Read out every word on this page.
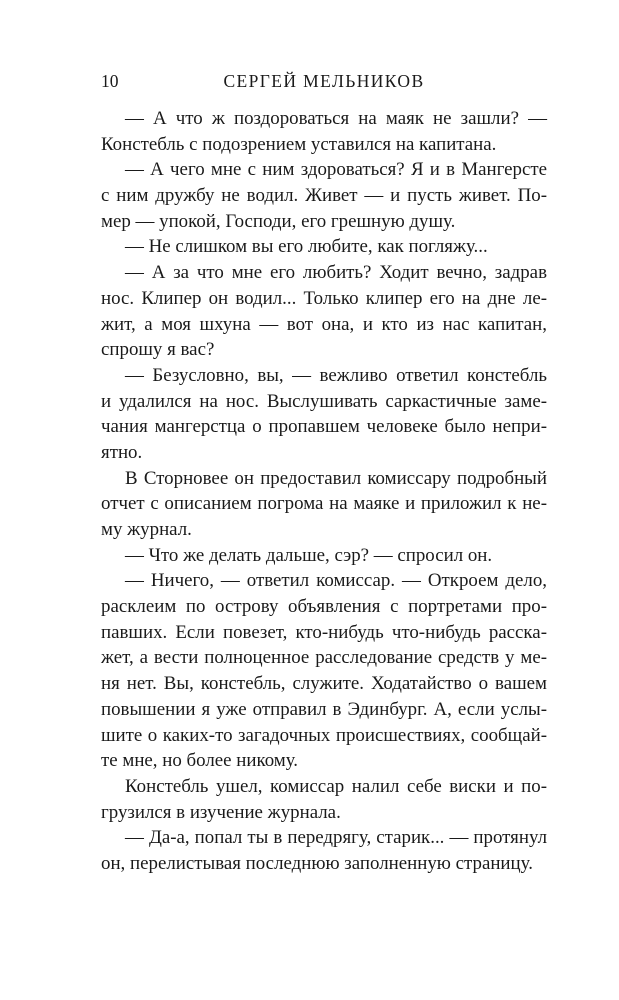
10	СЕРГЕЙ МЕЛЬНИКОВ
— А что ж поздороваться на маяк не зашли? —
Констебль с подозрением уставился на капитана.
— А чего мне с ним здороваться? Я и в Мангерсте
с ним дружбу не водил. Живет — и пусть живет. По-
мер — упокой, Господи, его грешную душу.
— Не слишком вы его любите, как погляжу...
— А за что мне его любить? Ходит вечно, задрав
нос. Клипер он водил... Только клипер его на дне ле-
жит, а моя шхуна — вот она, и кто из нас капитан,
спрошу я вас?
— Безусловно, вы, — вежливо ответил констебль
и удалился на нос. Выслушивать саркастичные заме-
чания мангерстца о пропавшем человеке было непри-
ятно.
В Сторновее он предоставил комиссару подробный
отчет с описанием погрома на маяке и приложил к не-
му журнал.
— Что же делать дальше, сэр? — спросил он.
— Ничего, — ответил комиссар. — Откроем дело,
расклеим по острову объявления с портретами про-
павших. Если повезет, кто-нибудь что-нибудь расска-
жет, а вести полноценное расследование средств у ме-
ня нет. Вы, констебль, служите. Ходатайство о вашем
повышении я уже отправил в Эдинбург. А, если услы-
шите о каких-то загадочных происшествиях, сообщай-
те мне, но более никому.
Констебль ушел, комиссар налил себе виски и по-
грузился в изучение журнала.
— Да-а, попал ты в передрягу, старик... — протянул
он, перелистывая последнюю заполненную страницу.
